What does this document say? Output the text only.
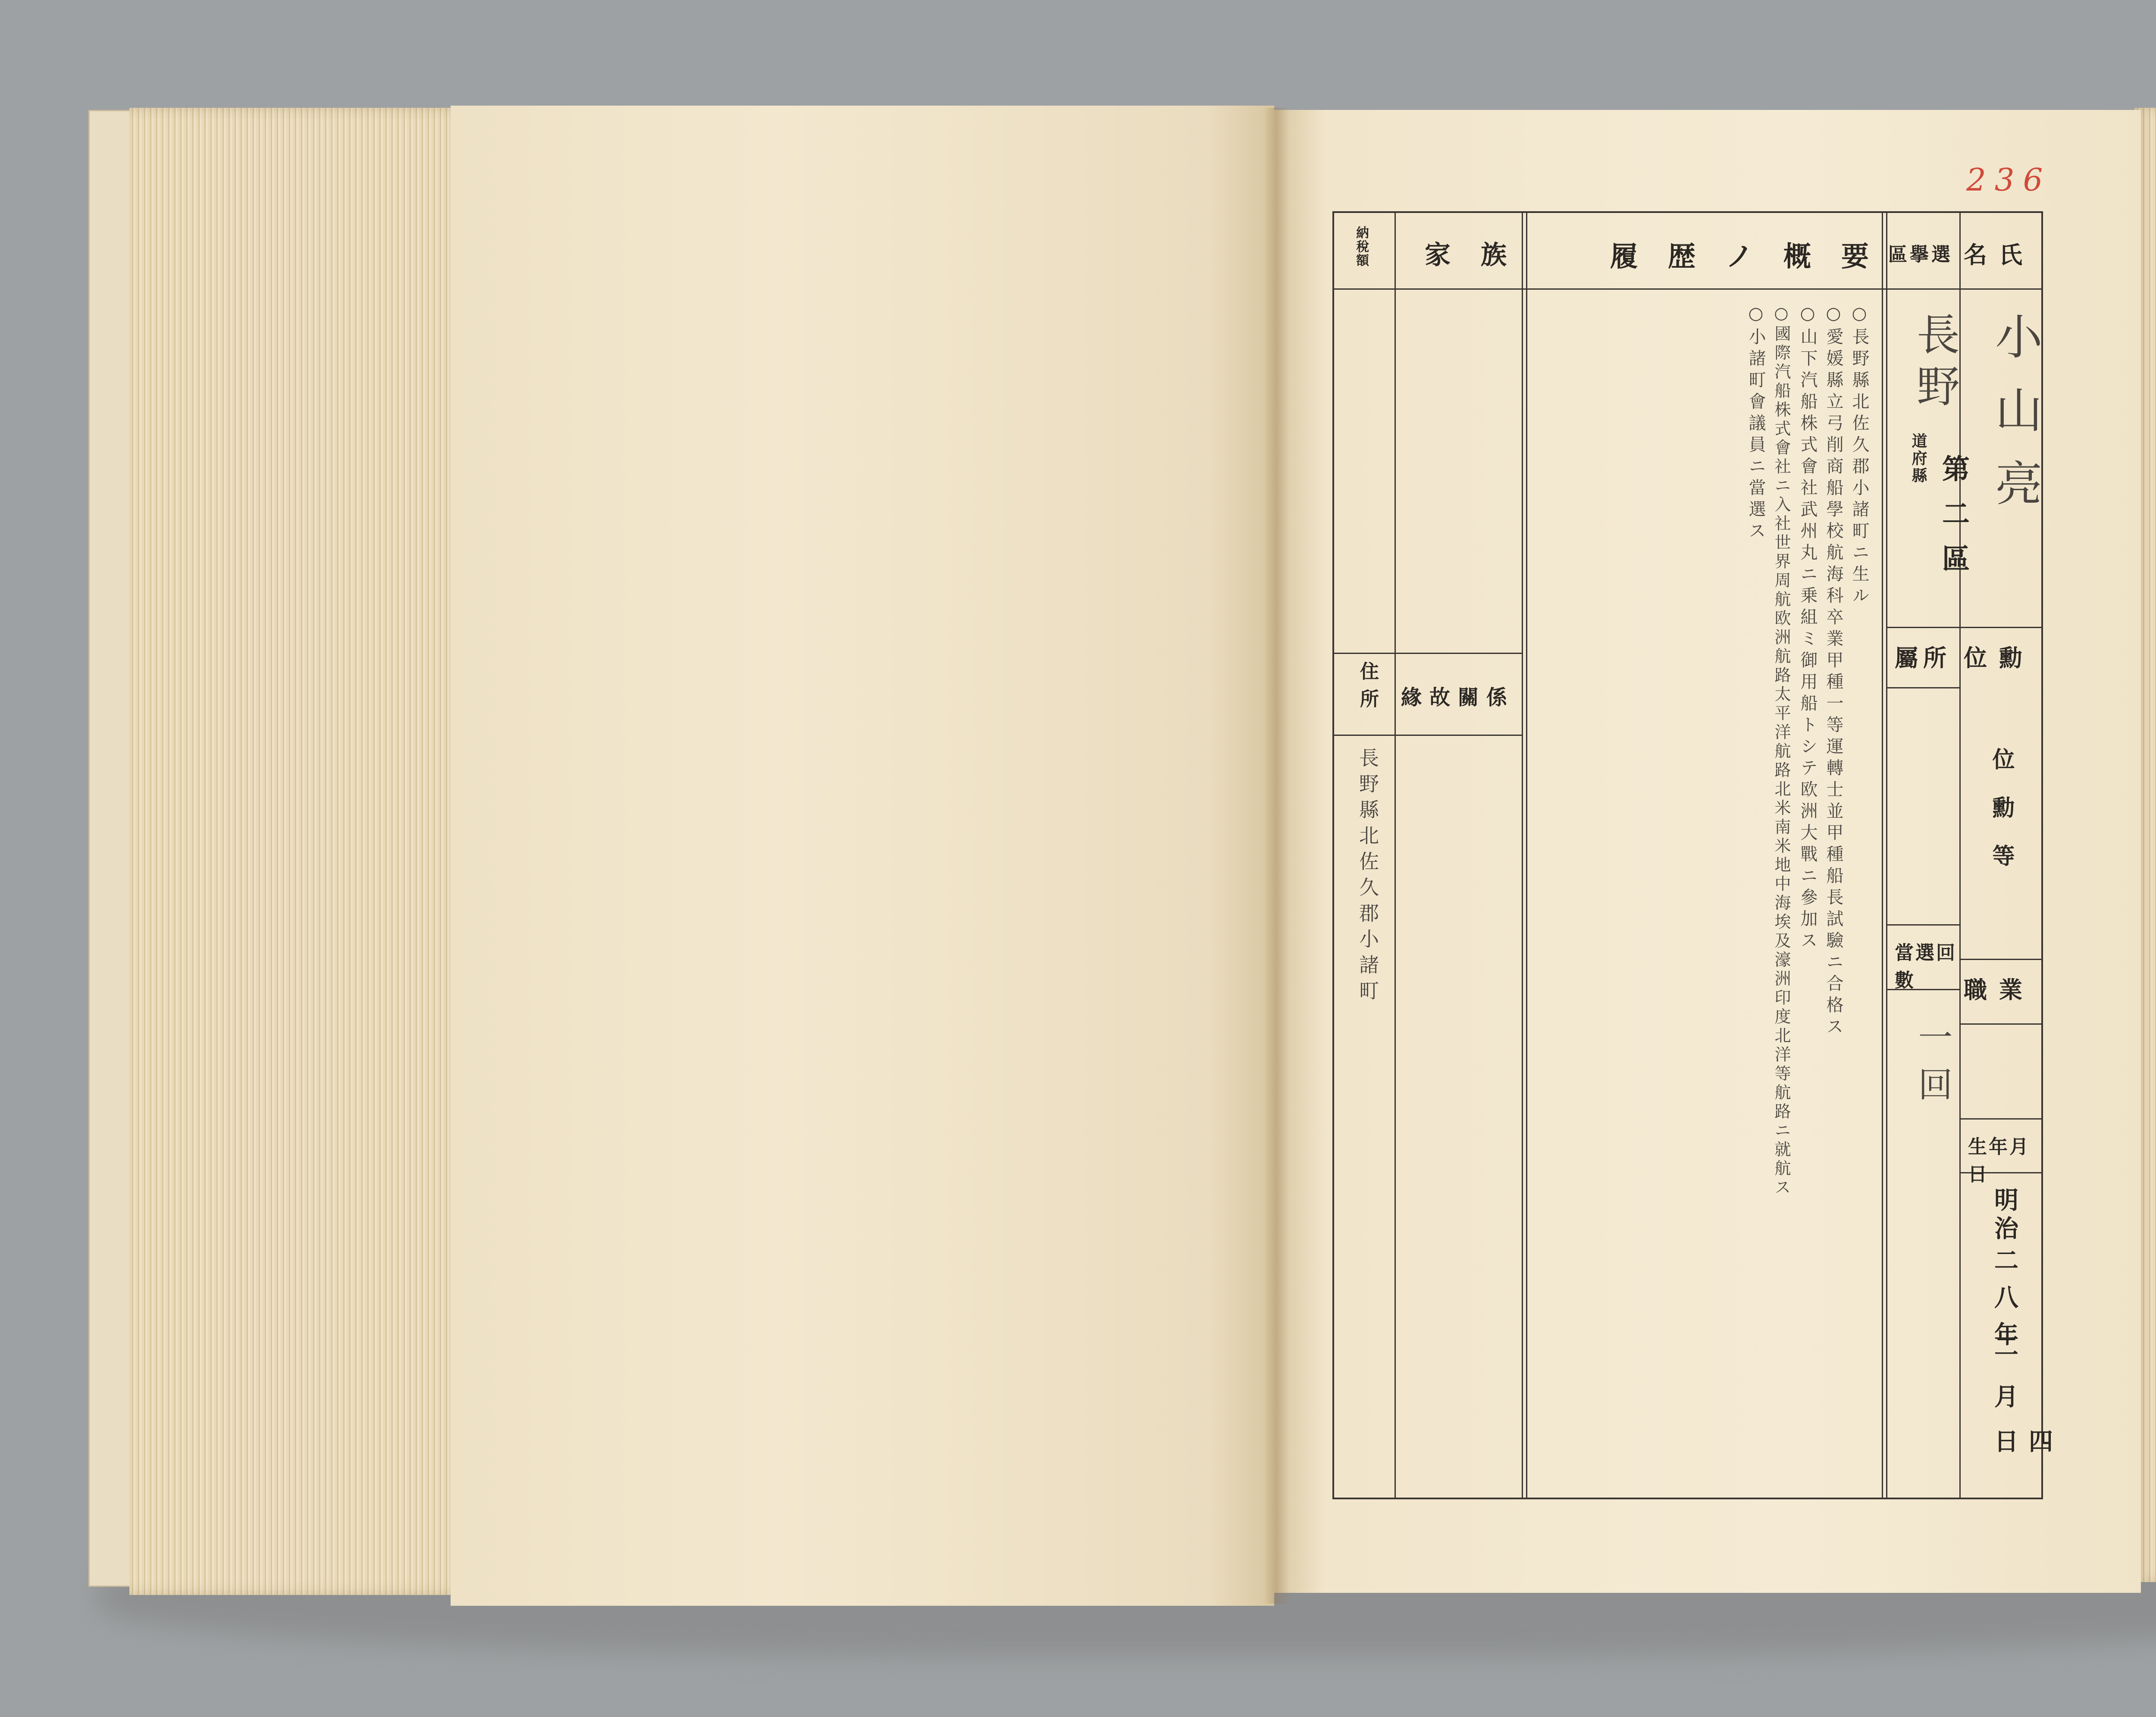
236
名氏
區擧選
履歴ノ概要
家族
納稅額
小山亮
位勳
位勳等
職業
生年月日
明治
二八年
二月
四日
長野
道府縣 第二區
屬所
當選回數
一回
○長野縣北佐久郡小諸町ニ生ル
○愛媛縣立弓削商船學校航海科卒業甲種一等運轉士並甲種船長試驗ニ合格ス
○山下汽船株式會社武州丸ニ乗組ミ御用船トシテ欧洲大戰ニ參加ス
○國際汽船株式會社ニ入社世界周航欧洲航路太平洋航路北米南米地中海埃及濠洲印度北洋等航路ニ就航ス
○小諸町會議員ニ當選ス
緣故關係
住所
長野縣北佐久郡小諸町
